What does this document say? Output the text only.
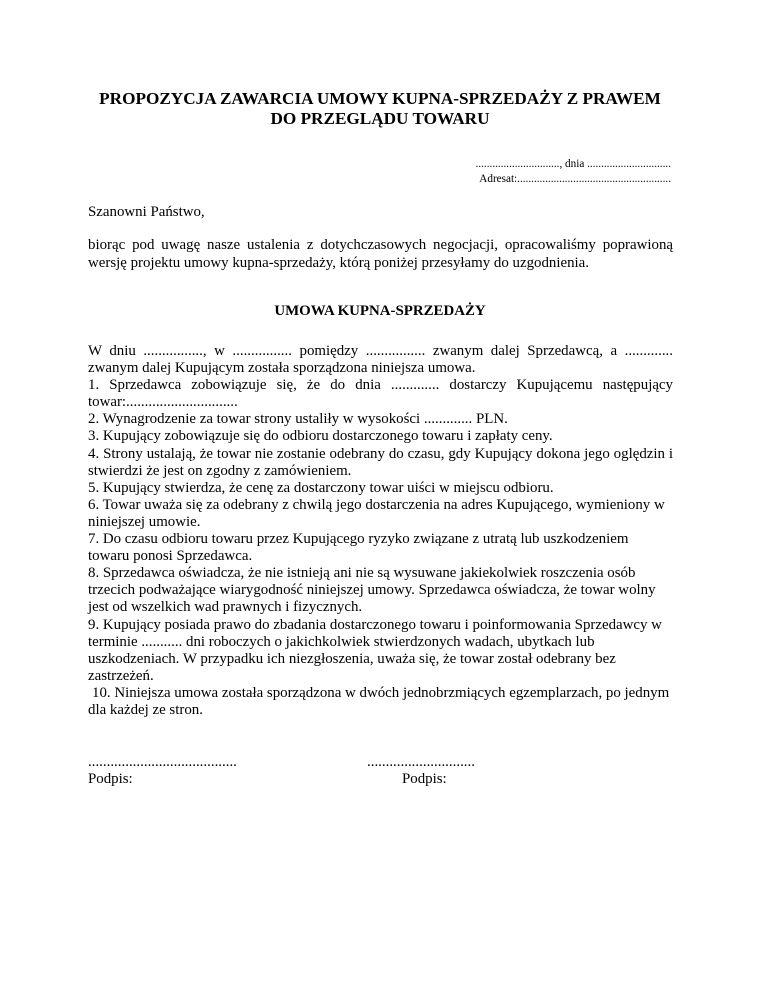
PROPOZYCJA ZAWARCIA UMOWY KUPNA-SPRZEDAŻY Z PRAWEM
DO PRZEGLĄDU TOWARU
.............................., dnia ..............................
Adresat:.......................................................
Szanowni Państwo,
biorąc pod uwagę nasze ustalenia z dotychczasowych negocjacji, opracowaliśmy poprawioną
wersję projektu umowy kupna-sprzedaży, którą poniżej przesyłamy do uzgodnienia.
UMOWA KUPNA-SPRZEDAŻY
W dniu ................, w ................ pomiędzy ................ zwanym dalej Sprzedawcą, a .............
zwanym dalej Kupującym została sporządzona niniejsza umowa.
1. Sprzedawca zobowiązuje się, że do dnia ............. dostarczy Kupującemu następujący
towar:..............................
2. Wynagrodzenie za towar strony ustaliły w wysokości ............. PLN.
3. Kupujący zobowiązuje się do odbioru dostarczonego towaru i zapłaty ceny.
4. Strony ustalają, że towar nie zostanie odebrany do czasu, gdy Kupujący dokona jego oględzin i
stwierdzi że jest on zgodny z zamówieniem.
5. Kupujący stwierdza, że cenę za dostarczony towar uiści w miejscu odbioru.
6. Towar uważa się za odebrany z chwilą jego dostarczenia na adres Kupującego, wymieniony w
niniejszej umowie.
7. Do czasu odbioru towaru przez Kupującego ryzyko związane z utratą lub uszkodzeniem
towaru ponosi Sprzedawca.
8. Sprzedawca oświadcza, że nie istnieją ani nie są wysuwane jakiekolwiek roszczenia osób
trzecich podważające wiarygodność niniejszej umowy. Sprzedawca oświadcza, że towar wolny
jest od wszelkich wad prawnych i fizycznych.
9. Kupujący posiada prawo do zbadania dostarczonego towaru i poinformowania Sprzedawcy w
terminie ........... dni roboczych o jakichkolwiek stwierdzonych wadach, ubytkach lub
uszkodzeniach. W przypadku ich niezgłoszenia, uważa się, że towar został odebrany bez
zastrzeżeń.
10. Niniejsza umowa została sporządzona w dwóch jednobrzmiących egzemplarzach, po jednym
dla każdej ze stron.
........................................
Podpis:
.............................
Podpis:
